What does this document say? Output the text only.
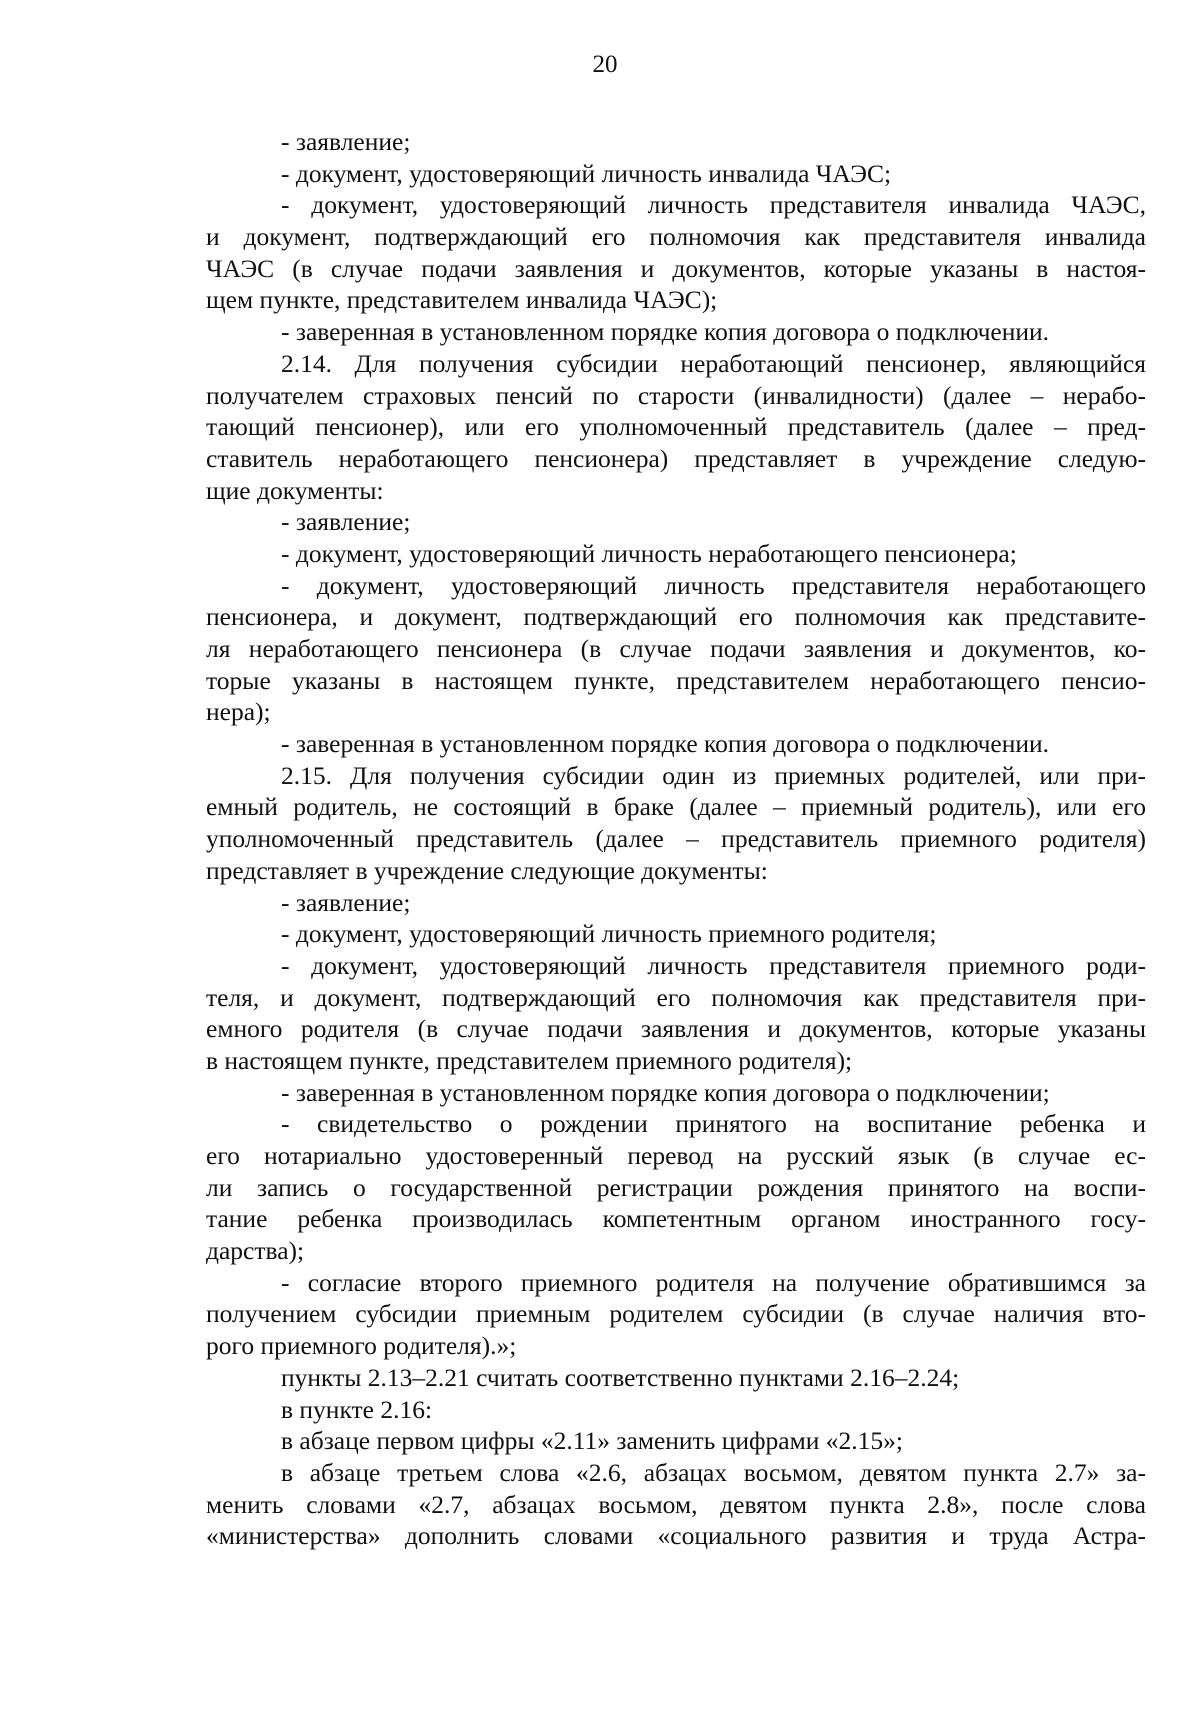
20
- заявление;
- документ, удостоверяющий личность инвалида ЧАЭС;
- документ, удостоверяющий личность представителя инвалида ЧАЭС,
и документ, подтверждающий его полномочия как представителя инвалида
ЧАЭС (в случае подачи заявления и документов, которые указаны в настоя-
щем пункте, представителем инвалида ЧАЭС);
- заверенная в установленном порядке копия договора о подключении.
2.14. Для получения субсидии неработающий пенсионер, являющийся
получателем страховых пенсий по старости (инвалидности) (далее – нерабо-
тающий пенсионер), или его уполномоченный представитель (далее – пред-
ставитель неработающего пенсионера) представляет в учреждение следую-
щие документы:
- заявление;
- документ, удостоверяющий личность неработающего пенсионера;
- документ, удостоверяющий личность представителя неработающего
пенсионера, и документ, подтверждающий его полномочия как представите-
ля неработающего пенсионера (в случае подачи заявления и документов, ко-
торые указаны в настоящем пункте, представителем неработающего пенсио-
нера);
- заверенная в установленном порядке копия договора о подключении.
2.15. Для получения субсидии один из приемных родителей, или при-
емный родитель, не состоящий в браке (далее – приемный родитель), или его
уполномоченный представитель (далее – представитель приемного родителя)
представляет в учреждение следующие документы:
- заявление;
- документ, удостоверяющий личность приемного родителя;
- документ, удостоверяющий личность представителя приемного роди-
теля, и документ, подтверждающий его полномочия как представителя при-
емного родителя (в случае подачи заявления и документов, которые указаны
в настоящем пункте, представителем приемного родителя);
- заверенная в установленном порядке копия договора о подключении;
- свидетельство о рождении принятого на воспитание ребенка и
его нотариально удостоверенный перевод на русский язык (в случае ес-
ли запись о государственной регистрации рождения принятого на воспи-
тание ребенка производилась компетентным органом иностранного госу-
дарства);
- согласие второго приемного родителя на получение обратившимся за
получением субсидии приемным родителем субсидии (в случае наличия вто-
рого приемного родителя).»;
пункты 2.13–2.21 считать соответственно пунктами 2.16–2.24;
в пункте 2.16:
в абзаце первом цифры «2.11» заменить цифрами «2.15»;
в абзаце третьем слова «2.6, абзацах восьмом, девятом пункта 2.7» за-
менить словами «2.7, абзацах восьмом, девятом пункта 2.8», после слова
«министерства» дополнить словами «социального развития и труда Астра-
